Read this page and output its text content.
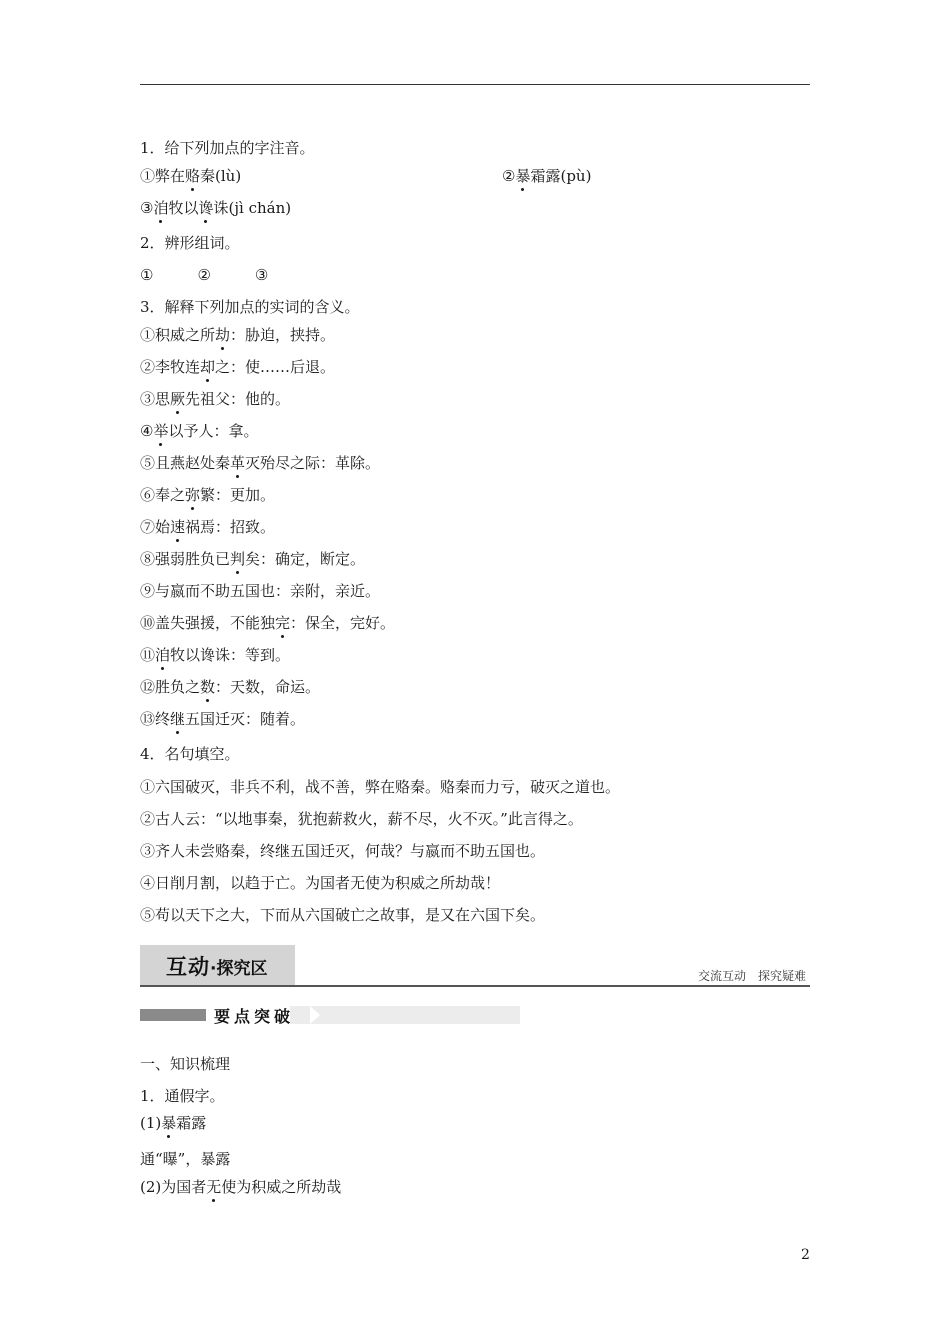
1．给下列加点的字注音。
①弊在赂秦(lù)	②暴霜露(pù)
③洎牧以谗诛(jì chán)
2．辨形组词。
①	②	③
3．解释下列加点的实词的含义。
①积威之所劫：胁迫，挟持。
②李牧连却之：使……后退。
③思厥先祖父：他的。
④举以予人：拿。
⑤且燕赵处秦革灭殆尽之际：革除。
⑥奉之弥繁：更加。
⑦始速祸焉：招致。
⑧强弱胜负已判矣：确定，断定。
⑨与嬴而不助五国也：亲附，亲近。
⑩盖失强援，不能独完：保全，完好。
⑪洎牧以谗诛：等到。
⑫胜负之数：天数，命运。
⑬终继五国迁灭：随着。
4．名句填空。
①六国破灭，非兵不利，战不善，弊在赂秦。赂秦而力亏，破灭之道也。
②古人云：“以地事秦，犹抱薪救火，薪不尽，火不灭。”此言得之。
③齐人未尝赂秦，终继五国迁灭，何哉？与嬴而不助五国也。
④日削月割，以趋于亡。为国者无使为积威之所劫哉！
⑤苟以天下之大，下而从六国破亡之故事，是又在六国下矣。
互动·探究区	交流互动　探究疑难
要点突破
一、知识梳理
1．通假字。
(1)暴霜露
通“曝”，暴露
(2)为国者无使为积威之所劫哉
2
